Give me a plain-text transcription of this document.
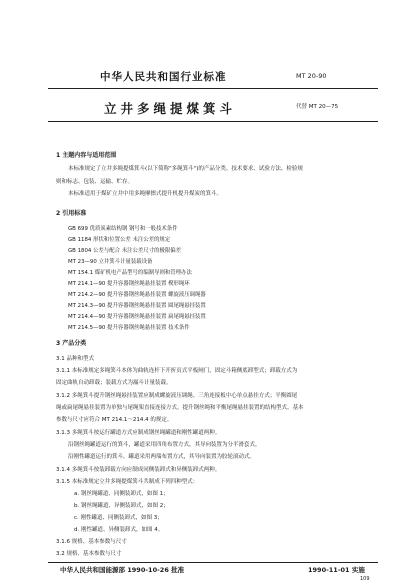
中华人民共和国行业标准	MT 20-90
立井多绳提煤箕斗	代替 MT 20—75
1 主题内容与适用范围
本标准规定了立井多绳提煤箕斗(以下简称"多绳箕斗")的产品分类、技术要求、试验方法、检验规
则和标志、包装、运输、贮存。
本标准适用于煤矿立井中用多绳摩擦式提升机提升煤炭的箕斗。
2 引用标准
GB 699 优质炭素结构钢 钢号和一般技术条件
GB 1184 形状和位置公差 未注公差的规定
GB 1804 公差与配合 未注公差尺寸的极限偏差
MT 23—90 立井箕斗计量装载设备
MT 154.1 煤矿机电产品型号的编制导则和管理办法
MT 214.1—90 提升容器钢丝绳悬挂装置 楔形绳环
MT 214.2—90 提升容器钢丝绳悬挂装置 螺旋液压调绳器
MT 214.3—90 提升容器钢丝绳悬挂装置 圆尾绳悬挂装置
MT 214.4—90 提升容器钢丝绳悬挂装置 扁尾绳悬挂装置
MT 214.5—90 提升容器钢丝绳悬挂装置 技术条件
3 产品分类
3.1 品种和型式
3.1.1 本标准规定多绳箕斗本体为曲轨连杆下开折页式平板闸门，固定斗箱侧底卸型式；卸载方式为
固定曲轨自动卸载；装载方式为漏斗计量装载。
3.1.2 多绳箕斗提升钢丝绳悬挂装置应制成螺旋液压调绳、三角连接板中心单点悬挂方式；平衡圆尾
绳或扁尾绳悬挂装置为单独与尾绳架直接连接方式。提升钢丝绳和平衡尾绳悬挂装置的结构型式、基本
参数与尺寸应符合 MT 214.1～214.4 的规定。
3.1.3 多绳箕斗按运行罐道方式应制成钢丝绳罐道和刚性罐道两种。
沿钢丝绳罐道运行的箕斗，罐道采用四角布置方式，其导向装置为分半滑套式。
沿刚性罐道运行的箕斗，罐道采用两端布置方式，其导向装置为胶轮滚动式。
3.1.4 多绳箕斗按装卸载方向应制成同侧装卸式和异侧装卸式两种。
3.1.5 本标准规定立井多绳提煤箕斗共制成下列四种型式：
a. 钢丝绳罐道、同侧装卸式，如图 1；
b. 钢丝绳罐道、异侧装卸式，如图 2；
c. 刚性罐道、同侧装卸式，如图 3；
d. 刚性罐道、异侧装卸式，如图 4。
3.1.6 规格、基本参数与尺寸
3.2 规格、基本参数与尺寸
中华人民共和国能源部 1990-10-26 批准	1990-11-01 实施
109
